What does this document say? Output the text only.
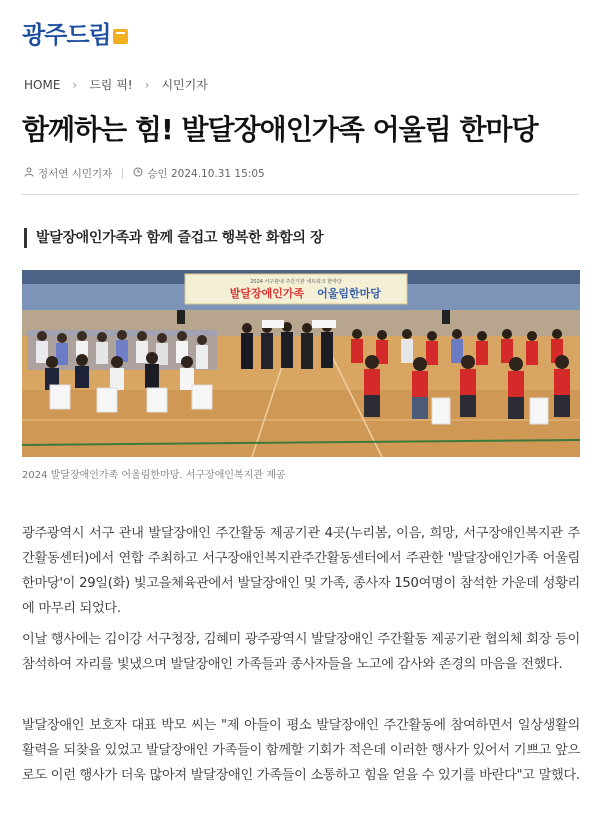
광주드림
HOME › 드림 픽! › 시민기자
함께하는 힘! 발달장애인가족 어울림 한마당
정서연 시민기자	승인 2024.10.31 15:05
발달장애인가족과 함께 즐겁고 행복한 화합의 장
2024 서구관내 주간기관 네트워크 한마당
발달장애인가족 어울림한마당

2024 발달장애인가족 어울림한마당. 서구장애인복지관 제공

광주광역시 서구 관내 발달장애인 주간활동 제공기관 4곳(누리봄, 이음, 희망, 서구장애인복지관 주간활동센터)에서 연합 주최하고 서구장애인복지관주간활동센터에서 주관한 '발달장애인가족 어울림한마당'이 29일(화) 빛고을체육관에서 발달장애인 및 가족, 종사자 150여명이 참석한 가운데 성황리에 마무리 되었다.

이날 행사에는 김이강 서구청장, 김혜미 광주광역시 발달장애인 주간활동 제공기관 협의체 회장 등이 참석하여 자리를 빛냈으며 발달장애인 가족들과 종사자들을 노고에 감사와 존경의 마음을 전했다.

발달장애인 보호자 대표 박모 씨는 "제 아들이 평소 발달장애인 주간활동에 참여하면서 일상생활의 활력을 되찾을 있었고 발달장애인 가족들이 함께할 기회가 적은데 이러한 행사가 있어서 기쁘고 앞으로도 이런 행사가 더욱 많아져 발달장애인 가족들이 소통하고 힘을 얻을 수 있기를 바란다"고 말했다.
